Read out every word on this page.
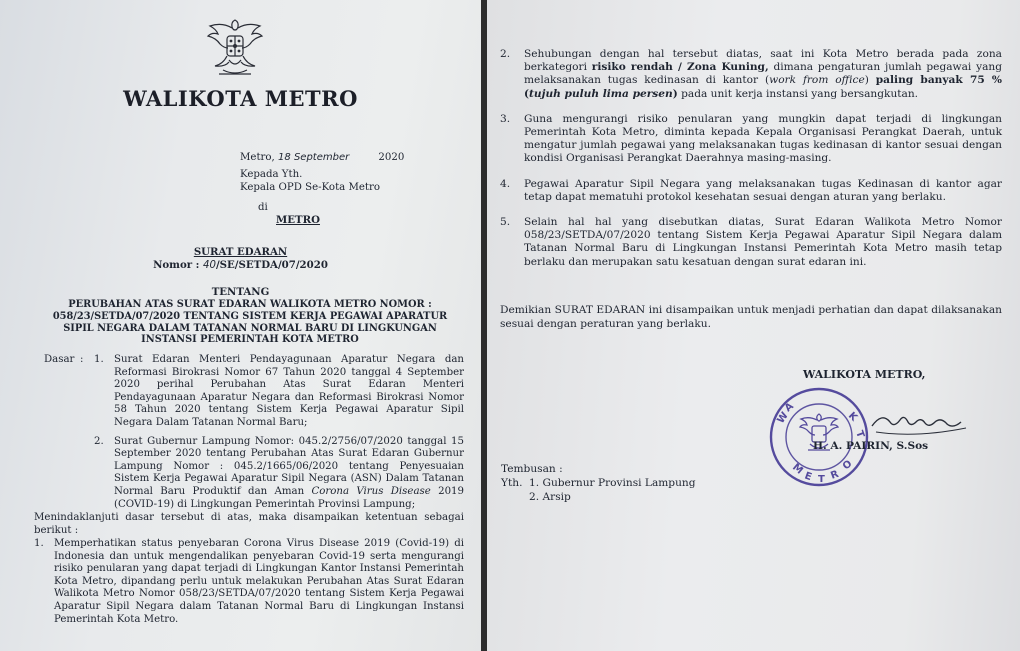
WALIKOTA METRO
Metro, 18 September	2020
Kepada Yth.
Kepala OPD Se-Kota Metro
di
METRO
SURAT EDARAN
Nomor : 40/SE/SETDA/07/2020
TENTANG
PERUBAHAN ATAS SURAT EDARAN WALIKOTA METRO NOMOR : 058/23/SETDA/07/2020 TENTANG SISTEM KERJA PEGAWAI APARATUR SIPIL NEGARA DALAM TATANAN NORMAL BARU DI LINGKUNGAN INSTANSI PEMERINTAH KOTA METRO
Dasar : 1.	Surat Edaran Menteri Pendayagunaan Aparatur Negara dan Reformasi Birokrasi Nomor 67 Tahun 2020 tanggal 4 September 2020 perihal Perubahan Atas Surat Edaran Menteri Pendayagunaan Aparatur Negara dan Reformasi Birokrasi Nomor 58 Tahun 2020 tentang Sistem Kerja Pegawai Aparatur Sipil Negara Dalam Tatanan Normal Baru;
2.	Surat Gubernur Lampung Nomor: 045.2/2756/07/2020 tanggal 15 September 2020 tentang Perubahan Atas Surat Edaran Gubernur Lampung Nomor : 045.2/1665/06/2020 tentang Penyesuaian Sistem Kerja Pegawai Aparatur Sipil Negara (ASN) Dalam Tatanan Normal Baru Produktif dan Aman Corona Virus Disease 2019 (COVID-19) di Lingkungan Pemerintah Provinsi Lampung;
Menindaklanjuti dasar tersebut di atas, maka disampaikan ketentuan sebagai berikut :
1.	Memperhatikan status penyebaran Corona Virus Disease 2019 (Covid-19) di Indonesia dan untuk mengendalikan penyebaran Covid-19 serta mengurangi risiko penularan yang dapat terjadi di Lingkungan Kantor Instansi Pemerintah Kota Metro, dipandang perlu untuk melakukan Perubahan Atas Surat Edaran Walikota Metro Nomor 058/23/SETDA/07/2020 tentang Sistem Kerja Pegawai Aparatur Sipil Negara dalam Tatanan Normal Baru di Lingkungan Instansi Pemerintah Kota Metro.
2.	Sehubungan dengan hal tersebut diatas, saat ini Kota Metro berada pada zona berkategori risiko rendah / Zona Kuning, dimana pengaturan jumlah pegawai yang melaksanakan tugas kedinasan di kantor (work from office) paling banyak 75 % (tujuh puluh lima persen) pada unit kerja instansi yang bersangkutan.
3.	Guna mengurangi risiko penularan yang mungkin dapat terjadi di lingkungan Pemerintah Kota Metro, diminta kepada Kepala Organisasi Perangkat Daerah, untuk mengatur jumlah pegawai yang melaksanakan tugas kedinasan di kantor sesuai dengan kondisi Organisasi Perangkat Daerahnya masing-masing.
4.	Pegawai Aparatur Sipil Negara yang melaksanakan tugas Kedinasan di kantor agar tetap dapat mematuhi protokol kesehatan sesuai dengan aturan yang berlaku.
5.	Selain hal hal yang disebutkan diatas, Surat Edaran Walikota Metro Nomor 058/23/SETDA/07/2020 tentang Sistem Kerja Pegawai Aparatur Sipil Negara dalam Tatanan Normal Baru di Lingkungan Instansi Pemerintah Kota Metro masih tetap berlaku dan merupakan satu kesatuan dengan surat edaran ini.
Demikian SURAT EDARAN ini disampaikan untuk menjadi perhatian dan dapat dilaksanakan sesuai dengan peraturan yang berlaku.
W
A
K
T
M
E T R
O
WALIKOTA METRO,
H. A. PAIRIN, S.Sos
Tembusan :
Yth. 1. Gubernur Provinsi Lampung
2. Arsip
